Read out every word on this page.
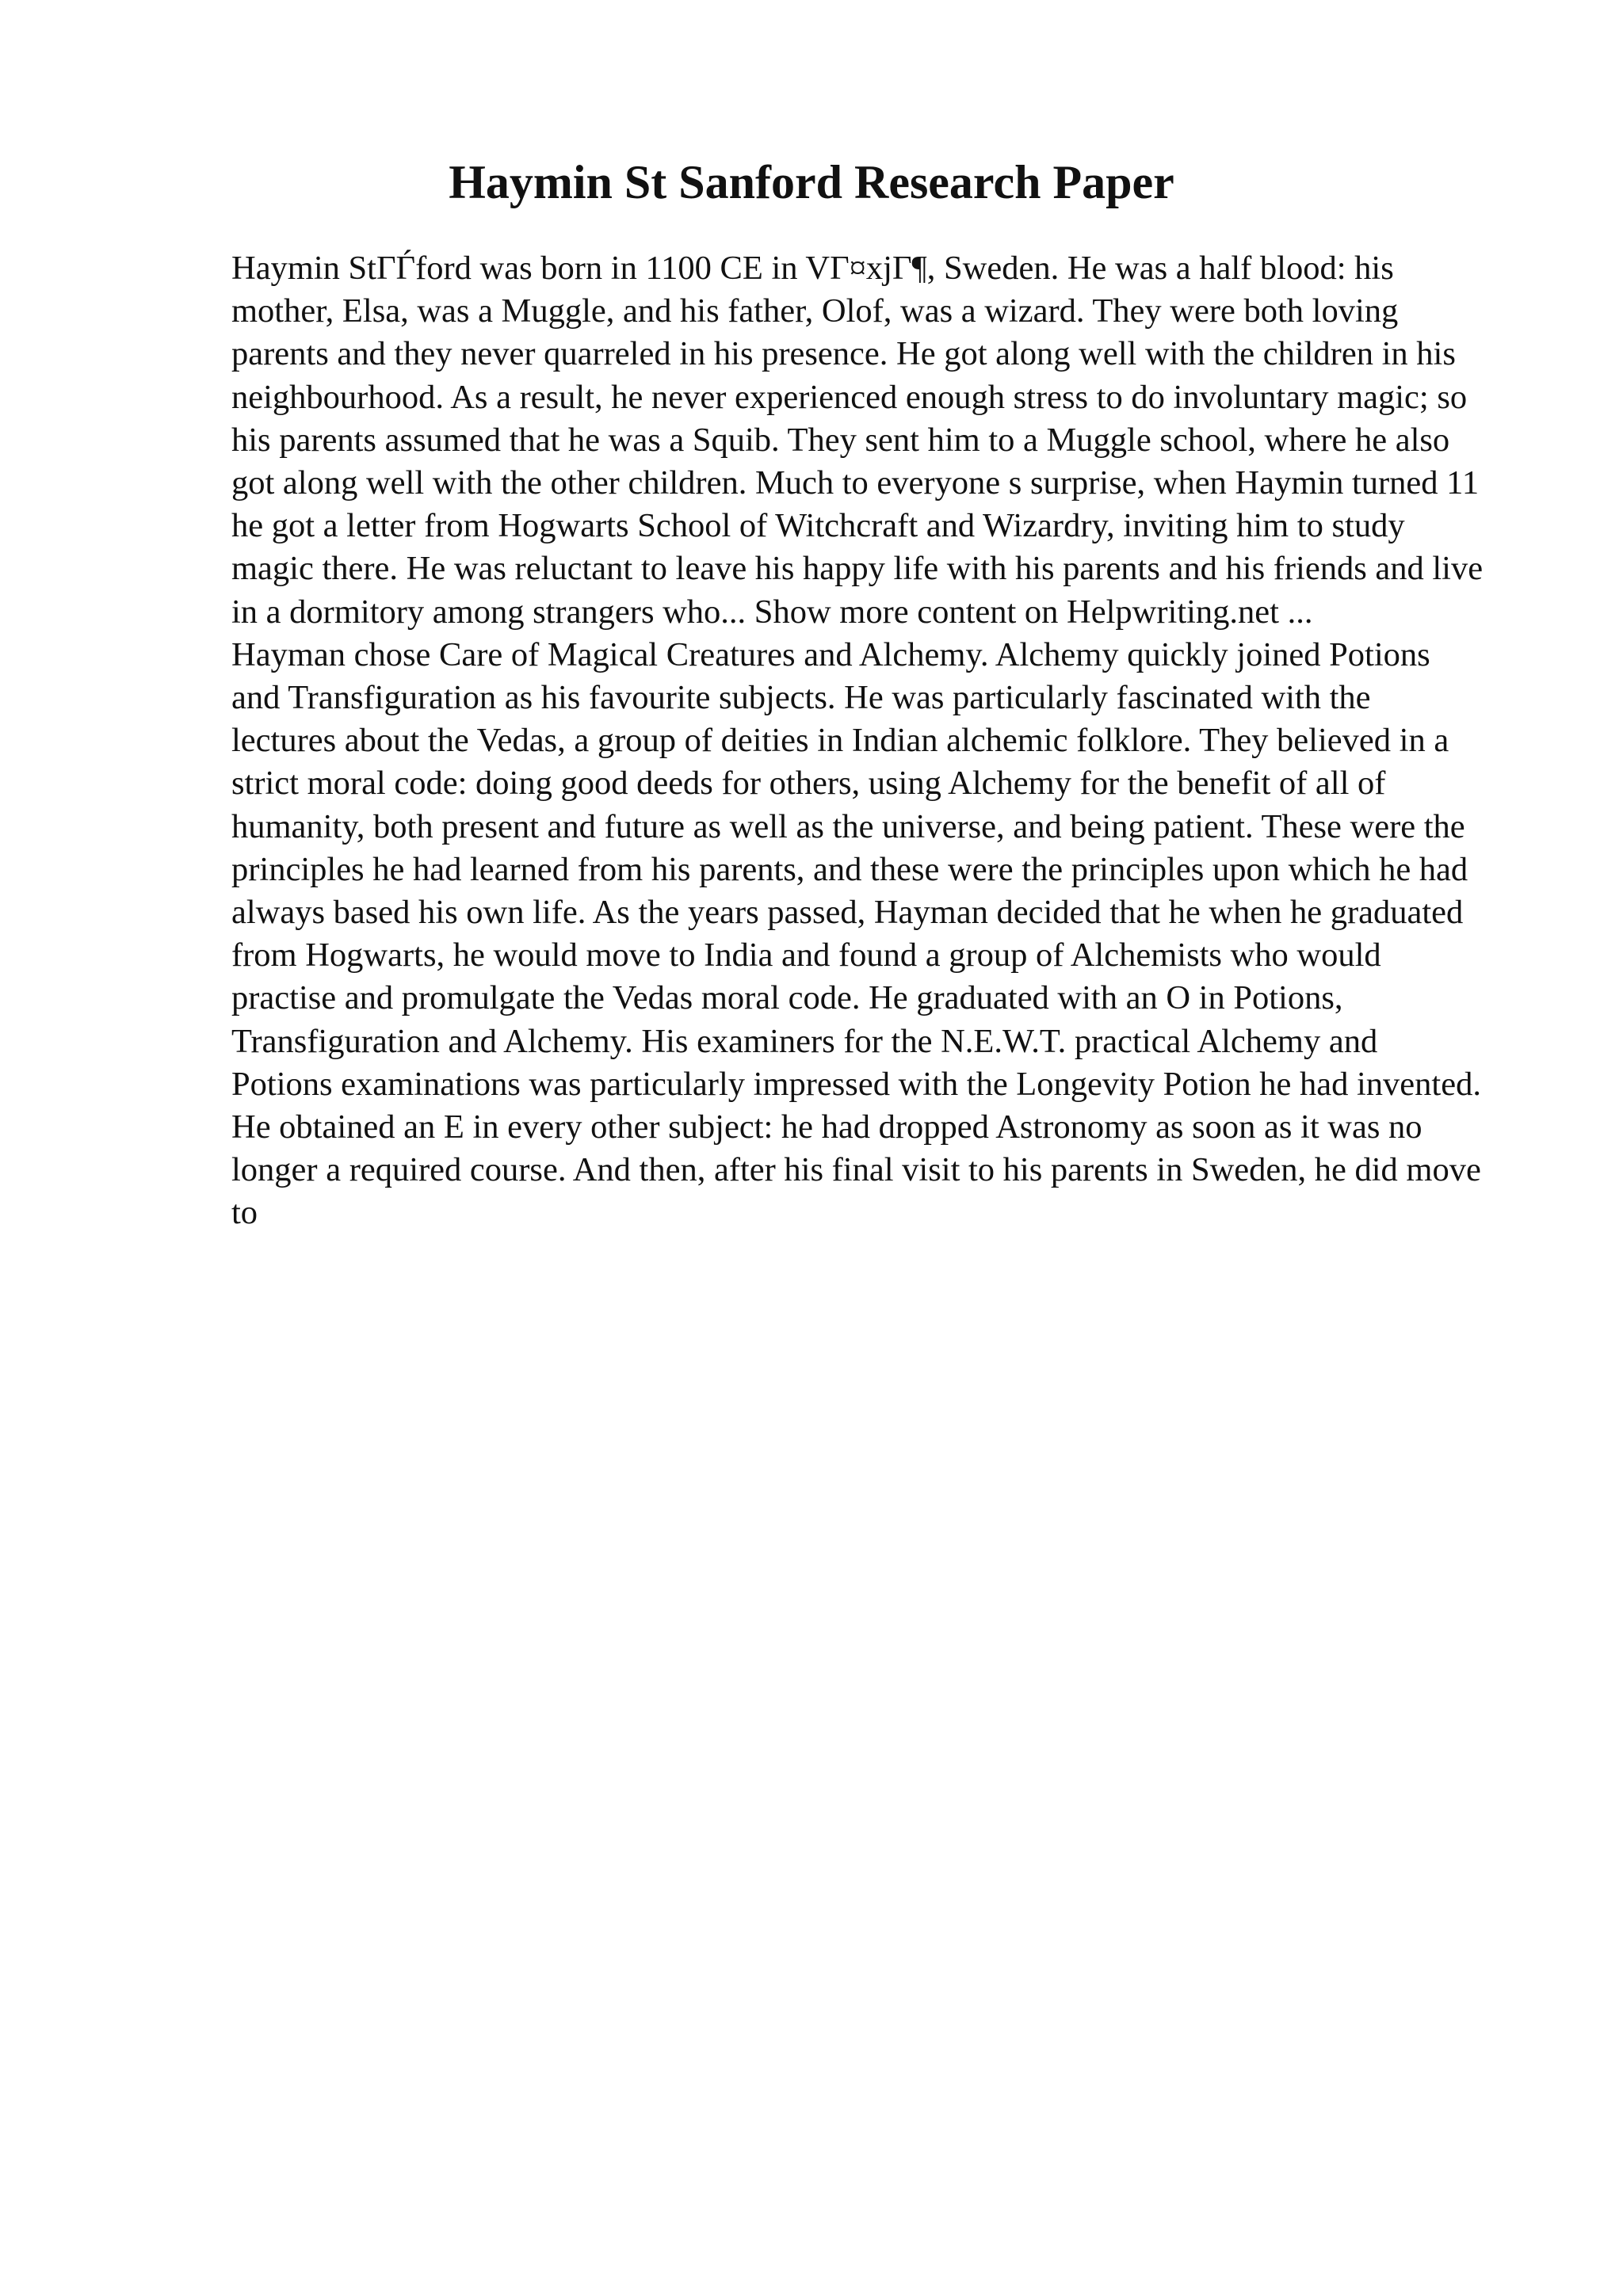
Haymin St Sanford Research Paper

Haymin StΓЃford was born in 1100 CE in VΓ¤xjΓ¶, Sweden. He was a half blood: his mother, Elsa, was a Muggle, and his father, Olof, was a wizard. They were both loving parents and they never quarreled in his presence. He got along well with the children in his neighbourhood. As a result, he never experienced enough stress to do involuntary magic; so his parents assumed that he was a Squib. They sent him to a Muggle school, where he also got along well with the other children. Much to everyone s surprise, when Haymin turned 11 he got a letter from Hogwarts School of Witchcraft and Wizardry, inviting him to study magic there. He was reluctant to leave his happy life with his parents and his friends and live in a dormitory among strangers who... Show more content on Helpwriting.net ...

Hayman chose Care of Magical Creatures and Alchemy. Alchemy quickly joined Potions and Transfiguration as his favourite subjects. He was particularly fascinated with the lectures about the Vedas, a group of deities in Indian alchemic folklore. They believed in a strict moral code: doing good deeds for others, using Alchemy for the benefit of all of humanity, both present and future as well as the universe, and being patient. These were the principles he had learned from his parents, and these were the principles upon which he had always based his own life. As the years passed, Hayman decided that he when he graduated from Hogwarts, he would move to India and found a group of Alchemists who would practise and promulgate the Vedas moral code. He graduated with an O in Potions, Transfiguration and Alchemy. His examiners for the N.E.W.T. practical Alchemy and Potions examinations was particularly impressed with the Longevity Potion he had invented. He obtained an E in every other subject: he had dropped Astronomy as soon as it was no longer a required course. And then, after his final visit to his parents in Sweden, he did move to
